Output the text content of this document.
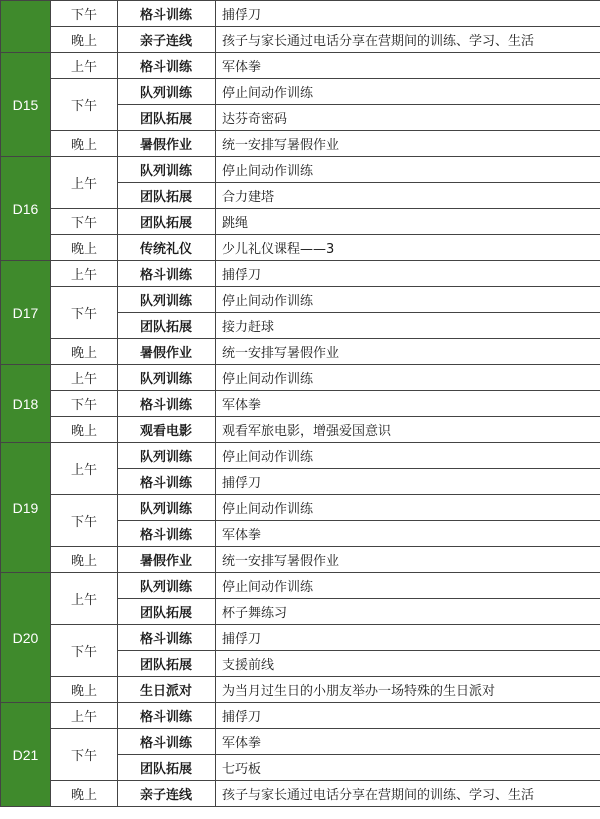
	下午	格斗训练	捕俘刀
	晚上	亲子连线	孩子与家长通过电话分享在营期间的训练、学习、生活
D15	上午	格斗训练	军体拳
	下午	队列训练	停止间动作训练
		团队拓展	达芬奇密码
	晚上	暑假作业	统一安排写暑假作业
D16	上午	队列训练	停止间动作训练
		团队拓展	合力建塔
	下午	团队拓展	跳绳
	晚上	传统礼仪	少儿礼仪课程——3
D17	上午	格斗训练	捕俘刀
	下午	队列训练	停止间动作训练
		团队拓展	接力赶球
	晚上	暑假作业	统一安排写暑假作业
D18	上午	队列训练	停止间动作训练
	下午	格斗训练	军体拳
	晚上	观看电影	观看军旅电影，增强爱国意识
D19	上午	队列训练	停止间动作训练
		格斗训练	捕俘刀
	下午	队列训练	停止间动作训练
		格斗训练	军体拳
	晚上	暑假作业	统一安排写暑假作业
D20	上午	队列训练	停止间动作训练
		团队拓展	杯子舞练习
	下午	格斗训练	捕俘刀
		团队拓展	支援前线
	晚上	生日派对	为当月过生日的小朋友举办一场特殊的生日派对
D21	上午	格斗训练	捕俘刀
	下午	格斗训练	军体拳
		团队拓展	七巧板
	晚上	亲子连线	孩子与家长通过电话分享在营期间的训练、学习、生活
